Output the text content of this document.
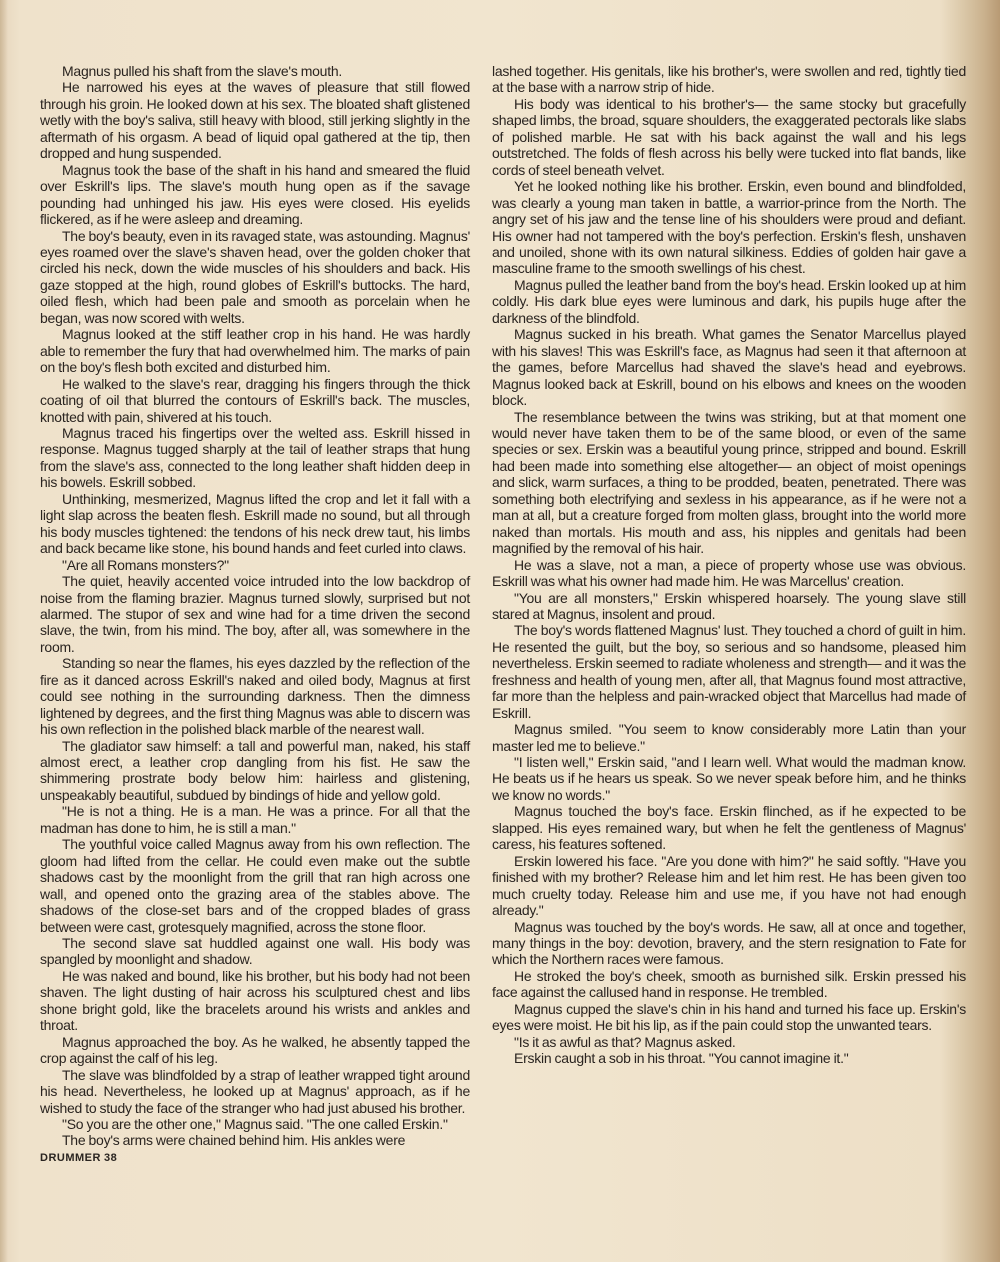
Magnus pulled his shaft from the slave's mouth.

He narrowed his eyes at the waves of pleasure that still flowed through his groin. He looked down at his sex. The bloated shaft glistened wetly with the boy's saliva, still heavy with blood, still jerking slightly in the aftermath of his orgasm. A bead of liquid opal gathered at the tip, then dropped and hung suspended.

Magnus took the base of the shaft in his hand and smeared the fluid over Eskrill's lips. The slave's mouth hung open as if the savage pounding had unhinged his jaw. His eyes were closed. His eyelids flickered, as if he were asleep and dreaming.

The boy's beauty, even in its ravaged state, was astounding. Magnus' eyes roamed over the slave's shaven head, over the golden choker that circled his neck, down the wide muscles of his shoulders and back. His gaze stopped at the high, round globes of Eskrill's buttocks. The hard, oiled flesh, which had been pale and smooth as porcelain when he began, was now scored with welts.

Magnus looked at the stiff leather crop in his hand. He was hardly able to remember the fury that had overwhelmed him. The marks of pain on the boy's flesh both excited and disturbed him.

He walked to the slave's rear, dragging his fingers through the thick coating of oil that blurred the contours of Eskrill's back. The muscles, knotted with pain, shivered at his touch.

Magnus traced his fingertips over the welted ass. Eskrill hissed in response. Magnus tugged sharply at the tail of leather straps that hung from the slave's ass, connected to the long leather shaft hidden deep in his bowels. Eskrill sobbed.

Unthinking, mesmerized, Magnus lifted the crop and let it fall with a light slap across the beaten flesh. Eskrill made no sound, but all through his body muscles tightened: the tendons of his neck drew taut, his limbs and back became like stone, his bound hands and feet curled into claws.

"Are all Romans monsters?"

The quiet, heavily accented voice intruded into the low backdrop of noise from the flaming brazier. Magnus turned slowly, surprised but not alarmed. The stupor of sex and wine had for a time driven the second slave, the twin, from his mind. The boy, after all, was somewhere in the room.

Standing so near the flames, his eyes dazzled by the reflection of the fire as it danced across Eskrill's naked and oiled body, Magnus at first could see nothing in the surrounding darkness. Then the dimness lightened by degrees, and the first thing Magnus was able to discern was his own reflection in the polished black marble of the nearest wall.

The gladiator saw himself: a tall and powerful man, naked, his staff almost erect, a leather crop dangling from his fist. He saw the shimmering prostrate body below him: hairless and glistening, unspeakably beautiful, subdued by bindings of hide and yellow gold.

"He is not a thing. He is a man. He was a prince. For all that the madman has done to him, he is still a man."

The youthful voice called Magnus away from his own reflection. The gloom had lifted from the cellar. He could even make out the subtle shadows cast by the moonlight from the grill that ran high across one wall, and opened onto the grazing area of the stables above. The shadows of the close-set bars and of the cropped blades of grass between were cast, grotesquely magnified, across the stone floor.

The second slave sat huddled against one wall. His body was spangled by moonlight and shadow.

He was naked and bound, like his brother, but his body had not been shaven. The light dusting of hair across his sculptured chest and libs shone bright gold, like the bracelets around his wrists and ankles and throat.

Magnus approached the boy. As he walked, he absently tapped the crop against the calf of his leg.

The slave was blindfolded by a strap of leather wrapped tight around his head. Nevertheless, he looked up at Magnus' approach, as if he wished to study the face of the stranger who had just abused his brother.

"So you are the other one," Magnus said. "The one called Erskin."

The boy's arms were chained behind him. His ankles were

DRUMMER 38

lashed together. His genitals, like his brother's, were swollen and red, tightly tied at the base with a narrow strip of hide.

His body was identical to his brother's— the same stocky but gracefully shaped limbs, the broad, square shoulders, the exaggerated pectorals like slabs of polished marble. He sat with his back against the wall and his legs outstretched. The folds of flesh across his belly were tucked into flat bands, like cords of steel beneath velvet.

Yet he looked nothing like his brother. Erskin, even bound and blindfolded, was clearly a young man taken in battle, a warrior-prince from the North. The angry set of his jaw and the tense line of his shoulders were proud and defiant. His owner had not tampered with the boy's perfection. Erskin's flesh, unshaven and unoiled, shone with its own natural silkiness. Eddies of golden hair gave a masculine frame to the smooth swellings of his chest.

Magnus pulled the leather band from the boy's head. Erskin looked up at him coldly. His dark blue eyes were luminous and dark, his pupils huge after the darkness of the blindfold.

Magnus sucked in his breath. What games the Senator Marcellus played with his slaves! This was Eskrill's face, as Magnus had seen it that afternoon at the games, before Marcellus had shaved the slave's head and eyebrows. Magnus looked back at Eskrill, bound on his elbows and knees on the wooden block.

The resemblance between the twins was striking, but at that moment one would never have taken them to be of the same blood, or even of the same species or sex. Erskin was a beautiful young prince, stripped and bound. Eskrill had been made into something else altogether— an object of moist openings and slick, warm surfaces, a thing to be prodded, beaten, penetrated. There was something both electrifying and sexless in his appearance, as if he were not a man at all, but a creature forged from molten glass, brought into the world more naked than mortals. His mouth and ass, his nipples and genitals had been magnified by the removal of his hair.

He was a slave, not a man, a piece of property whose use was obvious. Eskrill was what his owner had made him. He was Marcellus' creation.

"You are all monsters," Erskin whispered hoarsely. The young slave still stared at Magnus, insolent and proud.

The boy's words flattened Magnus' lust. They touched a chord of guilt in him. He resented the guilt, but the boy, so serious and so handsome, pleased him nevertheless. Erskin seemed to radiate wholeness and strength— and it was the freshness and health of young men, after all, that Magnus found most attractive, far more than the helpless and pain-wracked object that Marcellus had made of Eskrill.

Magnus smiled. "You seem to know considerably more Latin than your master led me to believe."

"I listen well," Erskin said, "and I learn well. What would the madman know. He beats us if he hears us speak. So we never speak before him, and he thinks we know no words."

Magnus touched the boy's face. Erskin flinched, as if he expected to be slapped. His eyes remained wary, but when he felt the gentleness of Magnus' caress, his features softened.

Erskin lowered his face. "Are you done with him?" he said softly. "Have you finished with my brother? Release him and let him rest. He has been given too much cruelty today. Release him and use me, if you have not had enough already."

Magnus was touched by the boy's words. He saw, all at once and together, many things in the boy: devotion, bravery, and the stern resignation to Fate for which the Northern races were famous.

He stroked the boy's cheek, smooth as burnished silk. Erskin pressed his face against the callused hand in response. He trembled.

Magnus cupped the slave's chin in his hand and turned his face up. Erskin's eyes were moist. He bit his lip, as if the pain could stop the unwanted tears.

"Is it as awful as that? Magnus asked.

Erskin caught a sob in his throat. "You cannot imagine it."
